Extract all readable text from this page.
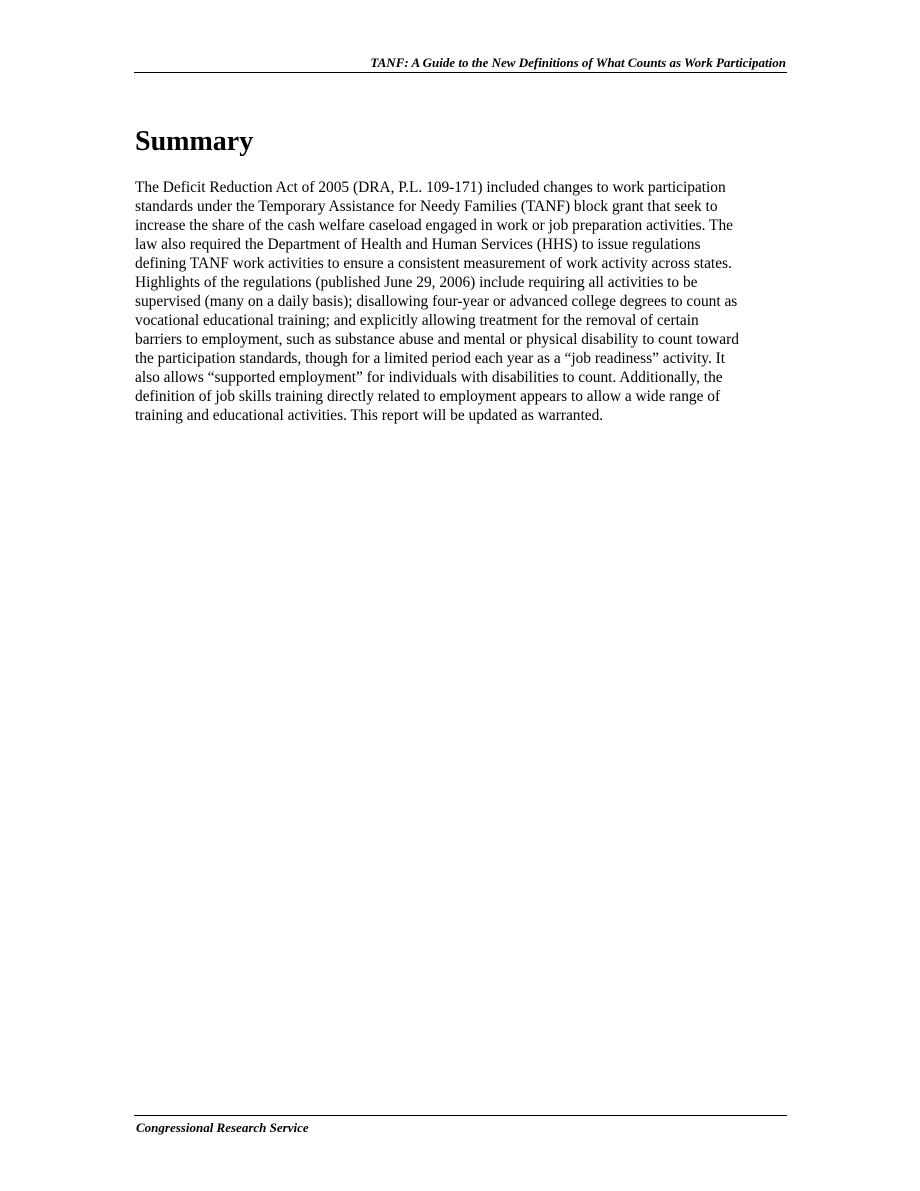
TANF: A Guide to the New Definitions of What Counts as Work Participation
Summary

The Deficit Reduction Act of 2005 (DRA, P.L. 109-171) included changes to work participation
standards under the Temporary Assistance for Needy Families (TANF) block grant that seek to
increase the share of the cash welfare caseload engaged in work or job preparation activities. The
law also required the Department of Health and Human Services (HHS) to issue regulations
defining TANF work activities to ensure a consistent measurement of work activity across states.
Highlights of the regulations (published June 29, 2006) include requiring all activities to be
supervised (many on a daily basis); disallowing four-year or advanced college degrees to count as
vocational educational training; and explicitly allowing treatment for the removal of certain
barriers to employment, such as substance abuse and mental or physical disability to count toward
the participation standards, though for a limited period each year as a “job readiness” activity. It
also allows “supported employment” for individuals with disabilities to count. Additionally, the
definition of job skills training directly related to employment appears to allow a wide range of
training and educational activities. This report will be updated as warranted.

Congressional Research Service
